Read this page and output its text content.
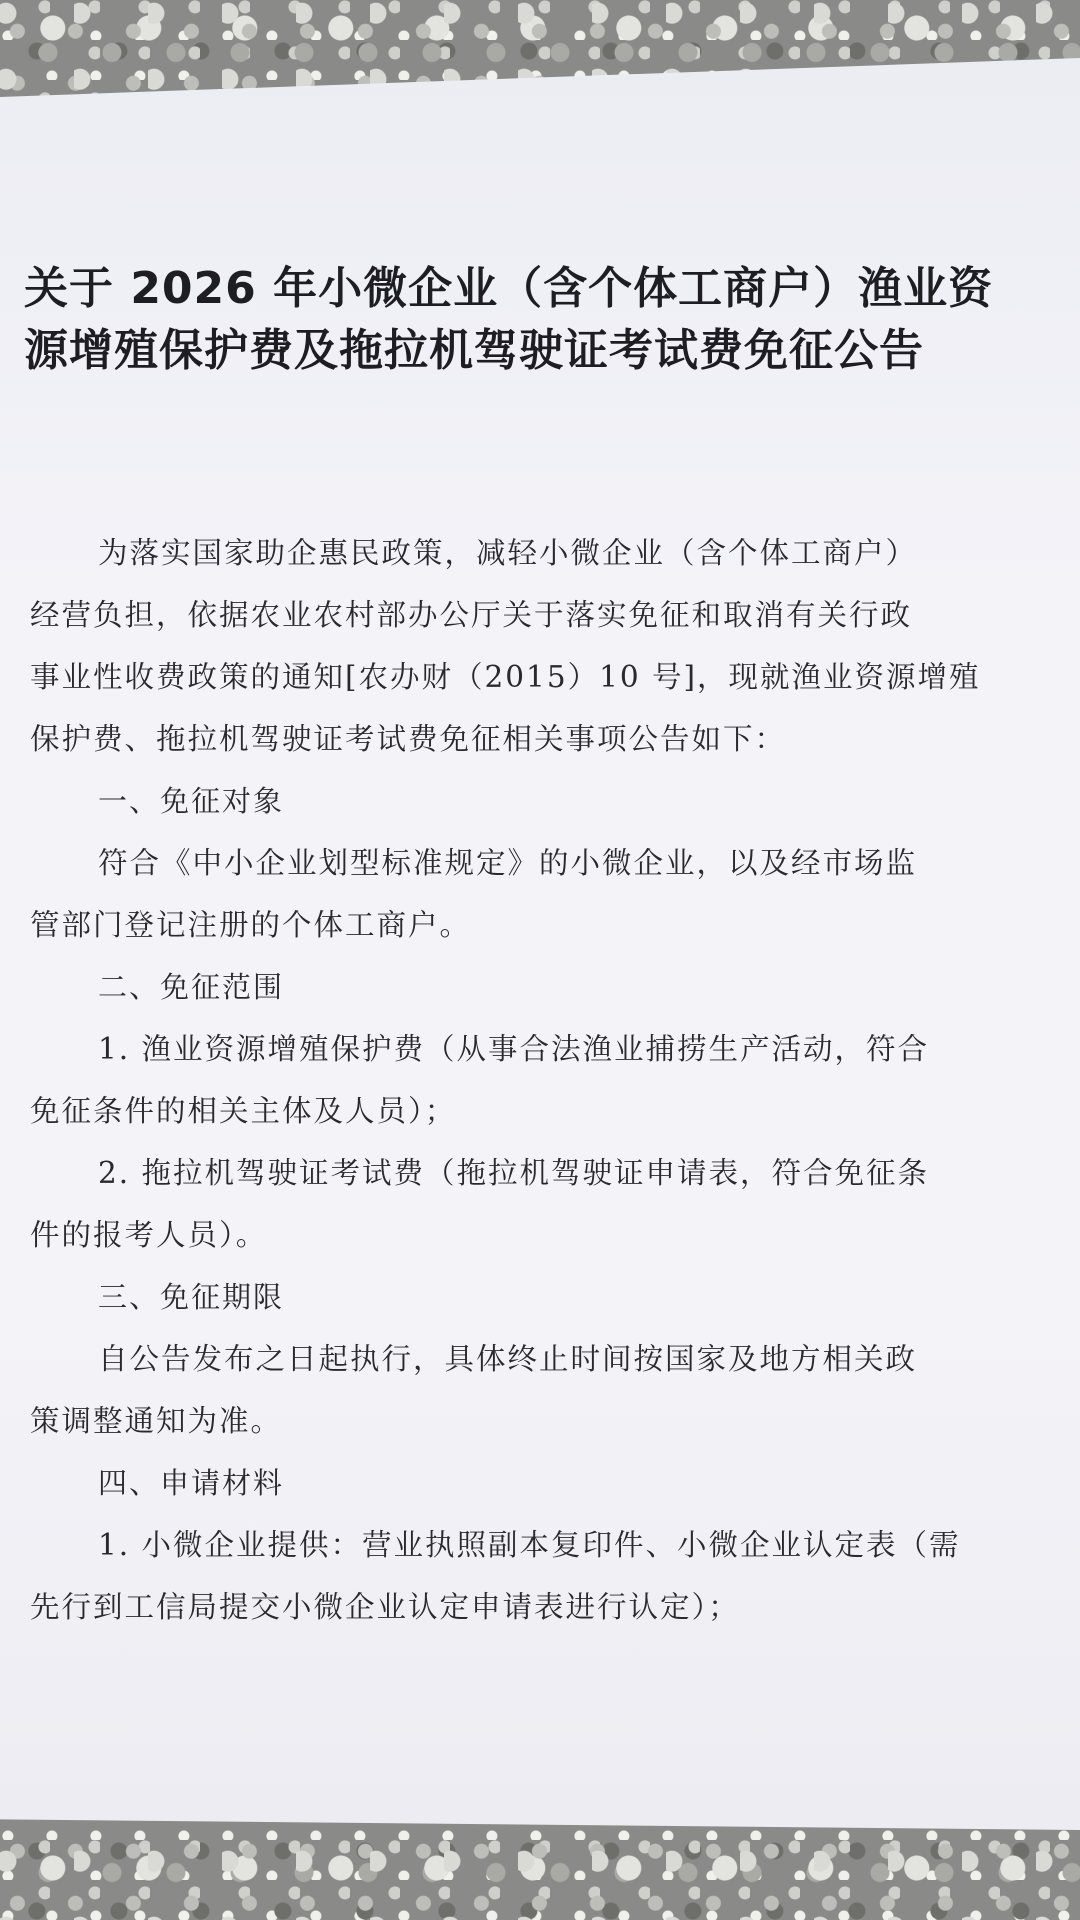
关于 2026 年小微企业（含个体工商户）渔业资
源增殖保护费及拖拉机驾驶证考试费免征公告

为落实国家助企惠民政策，减轻小微企业（含个体工商户）

经营负担，依据农业农村部办公厅关于落实免征和取消有关行政

事业性收费政策的通知[农办财（2015）10 号]，现就渔业资源增殖

保护费、拖拉机驾驶证考试费免征相关事项公告如下：

一、免征对象

符合《中小企业划型标准规定》的小微企业，以及经市场监

管部门登记注册的个体工商户。

二、免征范围

1. 渔业资源增殖保护费（从事合法渔业捕捞生产活动，符合

免征条件的相关主体及人员）；

2. 拖拉机驾驶证考试费（拖拉机驾驶证申请表，符合免征条

件的报考人员）。

三、免征期限

自公告发布之日起执行，具体终止时间按国家及地方相关政

策调整通知为准。

四、申请材料

1. 小微企业提供：营业执照副本复印件、小微企业认定表（需

先行到工信局提交小微企业认定申请表进行认定）；
